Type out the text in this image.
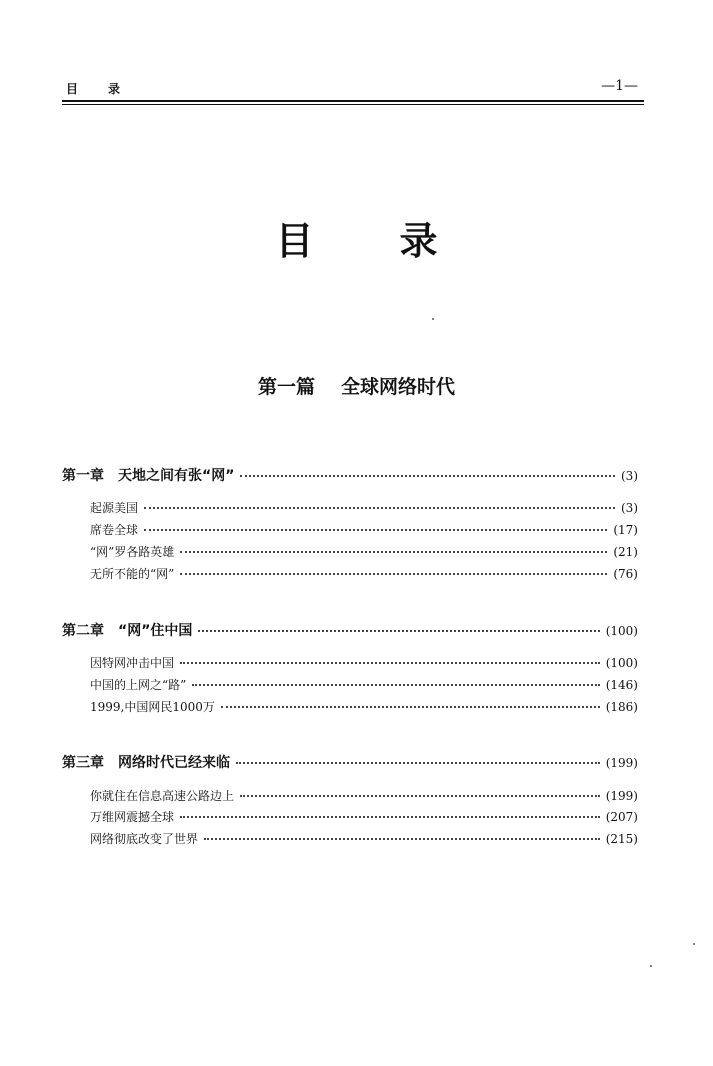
目录	—1—
目录
第一篇 全球网络时代
第一章 天地之间有张“网”	(3)
起源美国	(3)
席卷全球	(17)
“网”罗各路英雄	(21)
无所不能的“网”	(76)
第二章 “网”住中国	(100)
因特网冲击中国	(100)
中国的上网之“路”	(146)
1999,中国网民1000万	(186)
第三章 网络时代已经来临	(199)
你就住在信息高速公路边上	(199)
万维网震撼全球	(207)
网络彻底改变了世界	(215)
